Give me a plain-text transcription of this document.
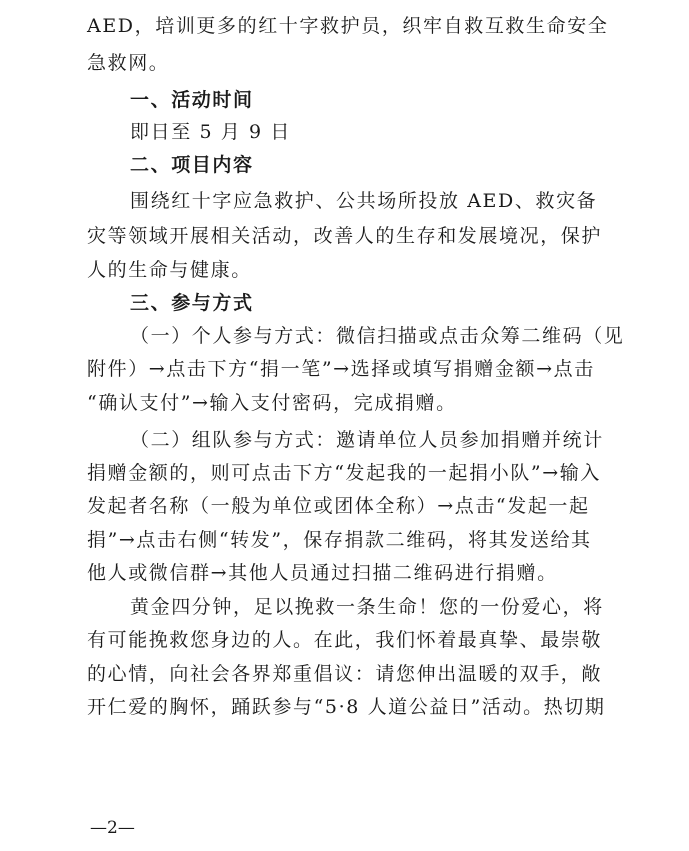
AED，培训更多的红十字救护员，织牢自救互救生命安全
急救网。
一、活动时间
即日至 5 月 9 日
二、项目内容
围绕红十字应急救护、公共场所投放 AED、救灾备
灾等领域开展相关活动，改善人的生存和发展境况，保护
人的生命与健康。
三、参与方式
（一）个人参与方式：微信扫描或点击众筹二维码（见
附件）→点击下方“捐一笔”→选择或填写捐赠金额→点击
“确认支付”→输入支付密码，完成捐赠。
（二）组队参与方式：邀请单位人员参加捐赠并统计
捐赠金额的，则可点击下方“发起我的一起捐小队”→输入
发起者名称（一般为单位或团体全称）→点击“发起一起
捐”→点击右侧“转发”，保存捐款二维码，将其发送给其
他人或微信群→其他人员通过扫描二维码进行捐赠。
黄金四分钟，足以挽救一条生命！您的一份爱心，将
有可能挽救您身边的人。在此，我们怀着最真挚、最崇敬
的心情，向社会各界郑重倡议：请您伸出温暖的双手，敞
开仁爱的胸怀，踊跃参与“5·8 人道公益日”活动。热切期
—2—
